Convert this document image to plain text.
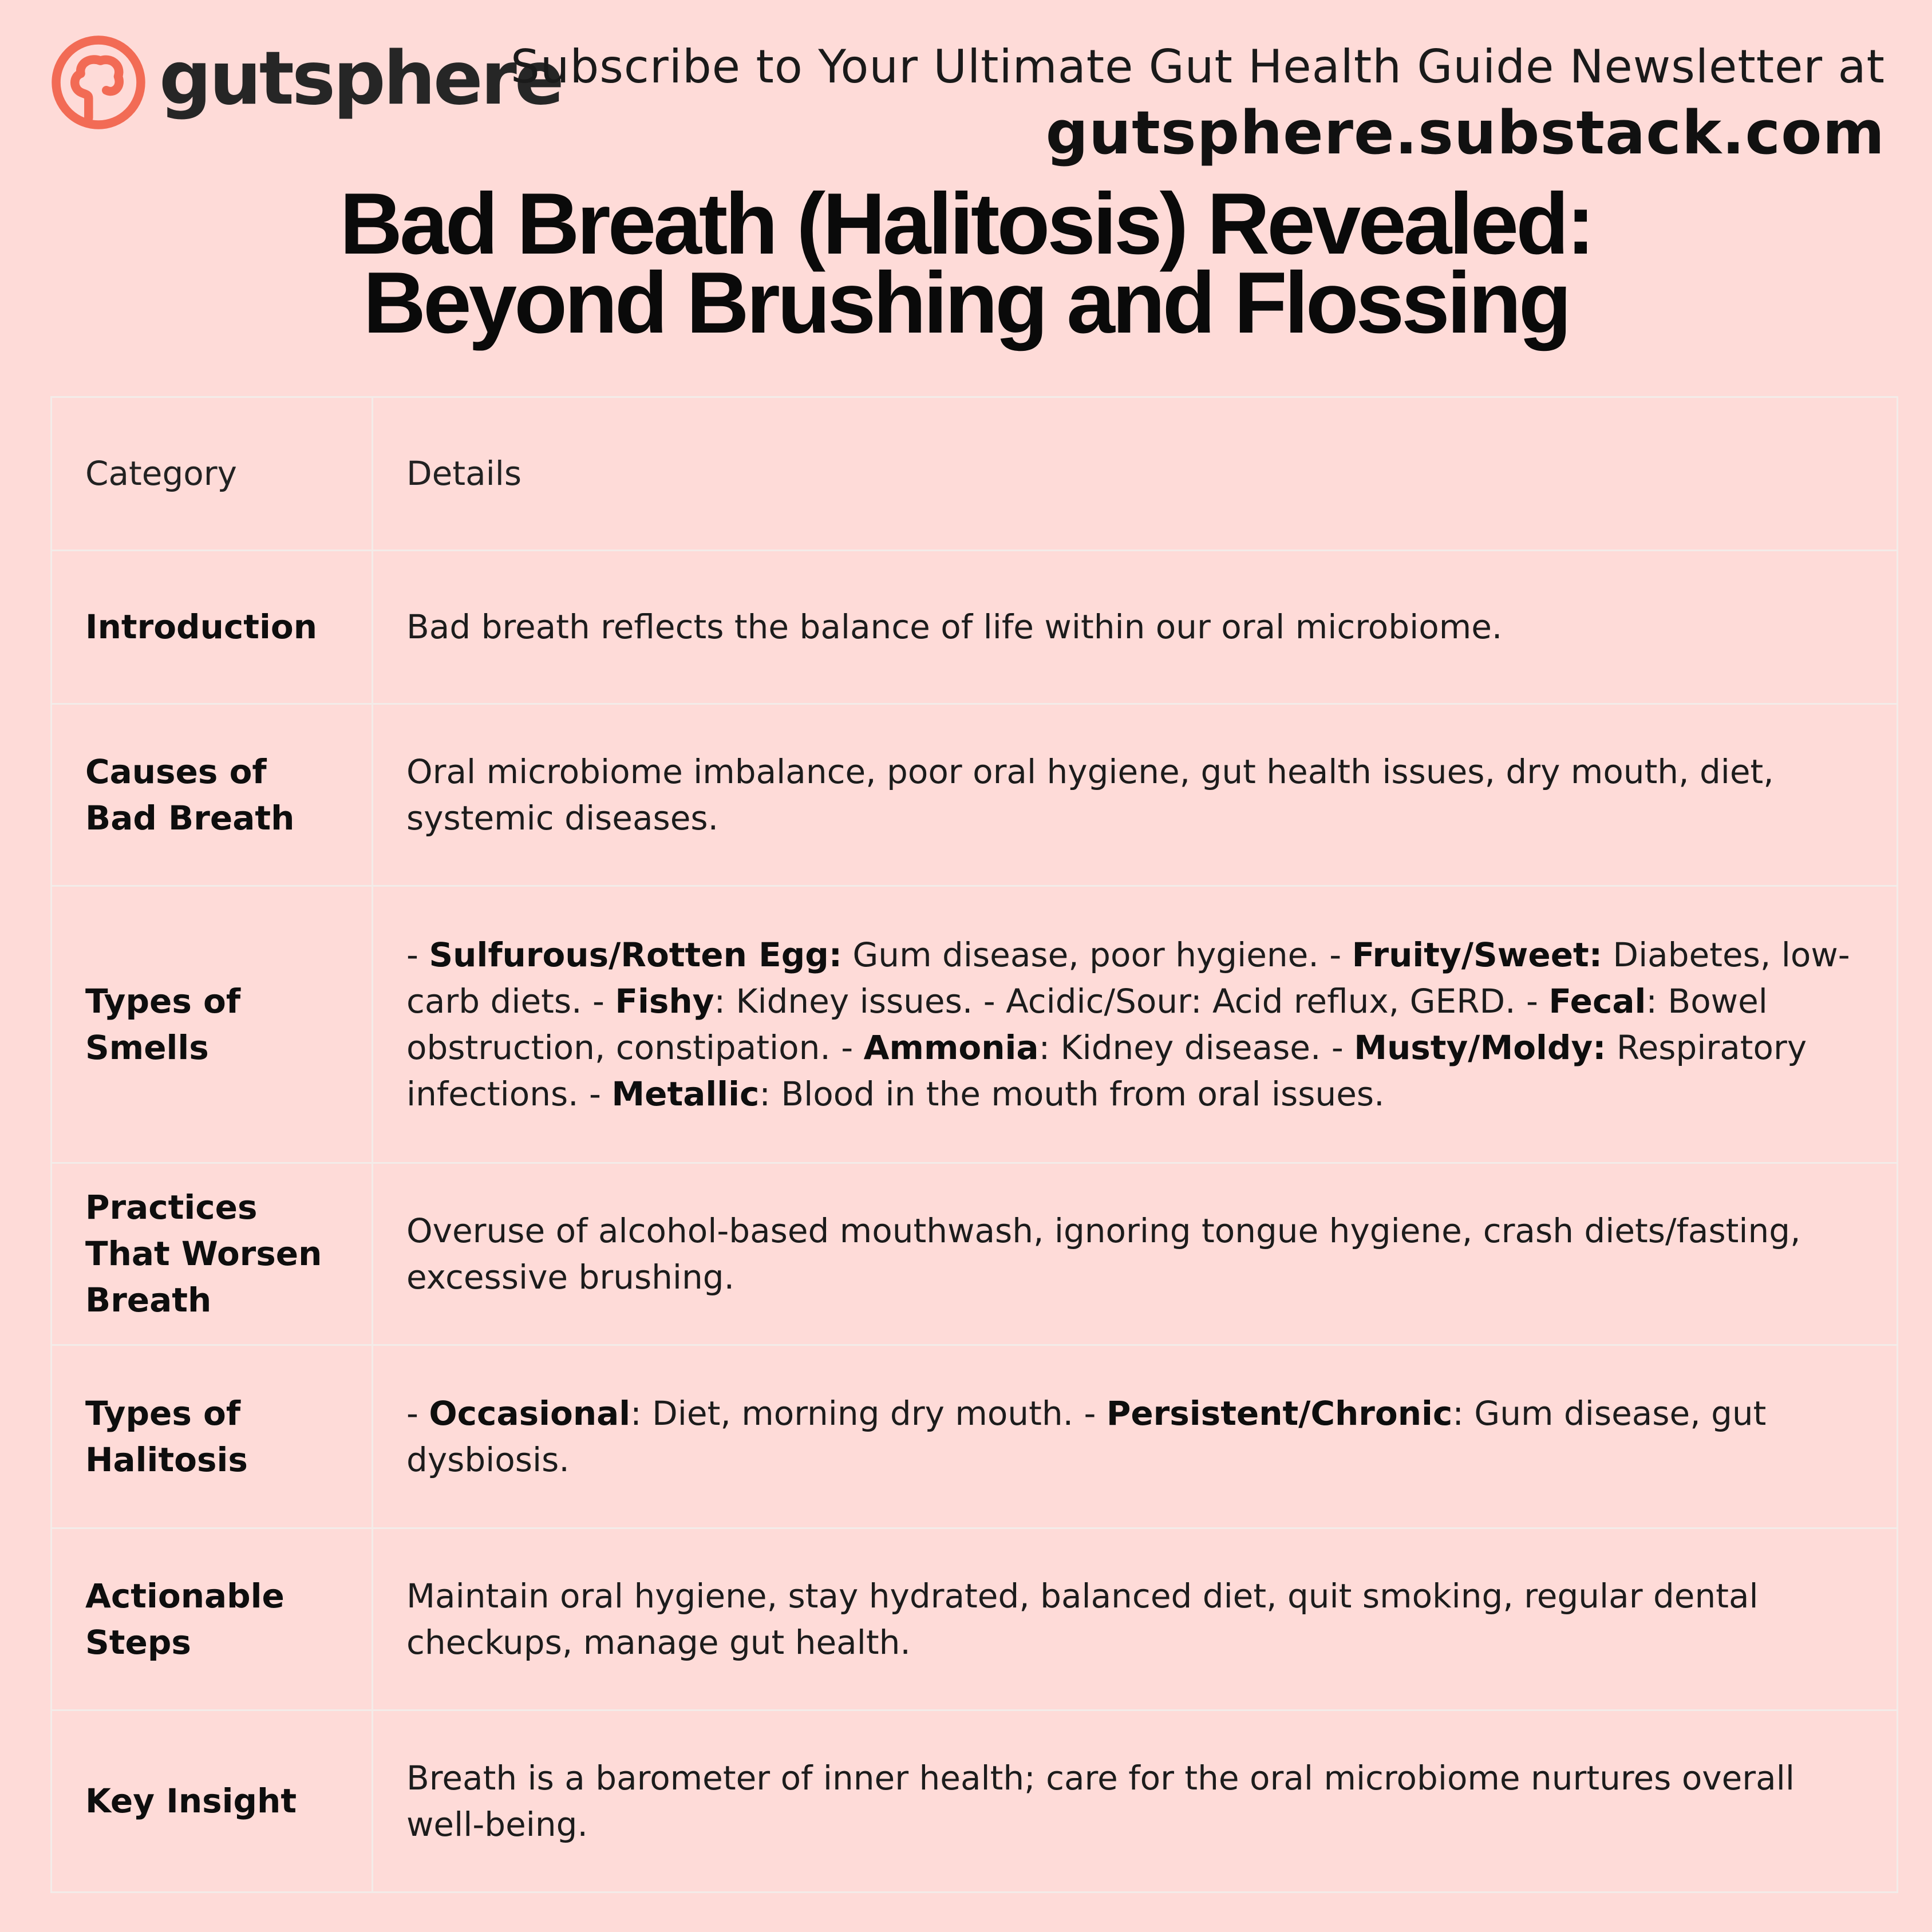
gutsphere
Subscribe to Your Ultimate Gut Health Guide Newsletter at
gutsphere.substack.com
Bad Breath (Halitosis) Revealed:
Beyond Brushing and Flossing
Category	Details
Introduction	Bad breath reflects the balance of life within our oral microbiome.
Causes of Bad Breath	Oral microbiome imbalance, poor oral hygiene, gut health issues, dry mouth, diet, systemic diseases.
Types of Smells	- Sulfurous/Rotten Egg: Gum disease, poor hygiene. - Fruity/Sweet: Diabetes, low-carb diets. - Fishy: Kidney issues. - Acidic/Sour: Acid reflux, GERD. - Fecal: Bowel obstruction, constipation. - Ammonia: Kidney disease. - Musty/Moldy: Respiratory infections. - Metallic: Blood in the mouth from oral issues.
Practices That Worsen Breath	Overuse of alcohol-based mouthwash, ignoring tongue hygiene, crash diets/fasting, excessive brushing.
Types of Halitosis	- Occasional: Diet, morning dry mouth. - Persistent/Chronic: Gum disease, gut dysbiosis.
Actionable Steps	Maintain oral hygiene, stay hydrated, balanced diet, quit smoking, regular dental checkups, manage gut health.
Key Insight	Breath is a barometer of inner health; care for the oral microbiome nurtures overall well-being.
